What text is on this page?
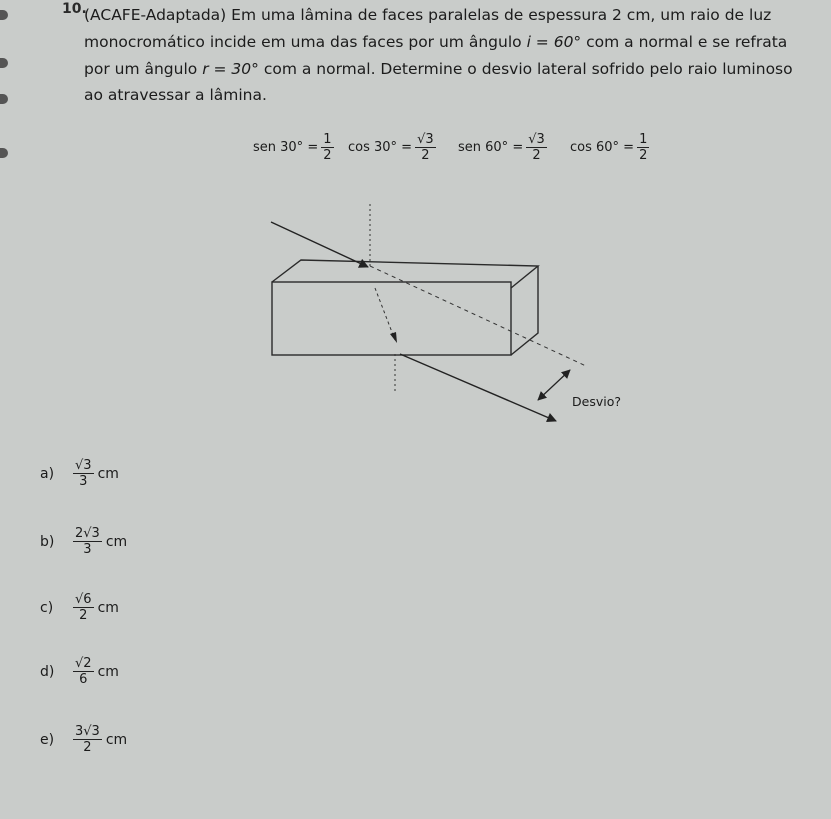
10.
(ACAFE-Adaptada) Em uma lâmina de faces paralelas de espessura 2 cm, um raio de luz
monocromático incide em uma das faces por um ângulo i = 60° com a normal e se refrata
por um ângulo r = 30° com a normal. Determine o desvio lateral sofrido pelo raio luminoso
ao atravessar a lâmina.
sen $30^\circ = \frac{1}{2}$ $\cos 30^\circ = \frac{√3}{2}$ sen $60^\circ = \frac{√3}{2}$ $\cos 60^\circ = \frac{1}{2}$
Desvio?
a)	$\frac{√3}{3}$ cm
b)	$\frac{2√3}{3}$ cm
c)	$\frac{√6}{2}$ cm
d)	$\frac{√2}{6}$ cm
e)	$\frac{3√3}{2}$ cm
